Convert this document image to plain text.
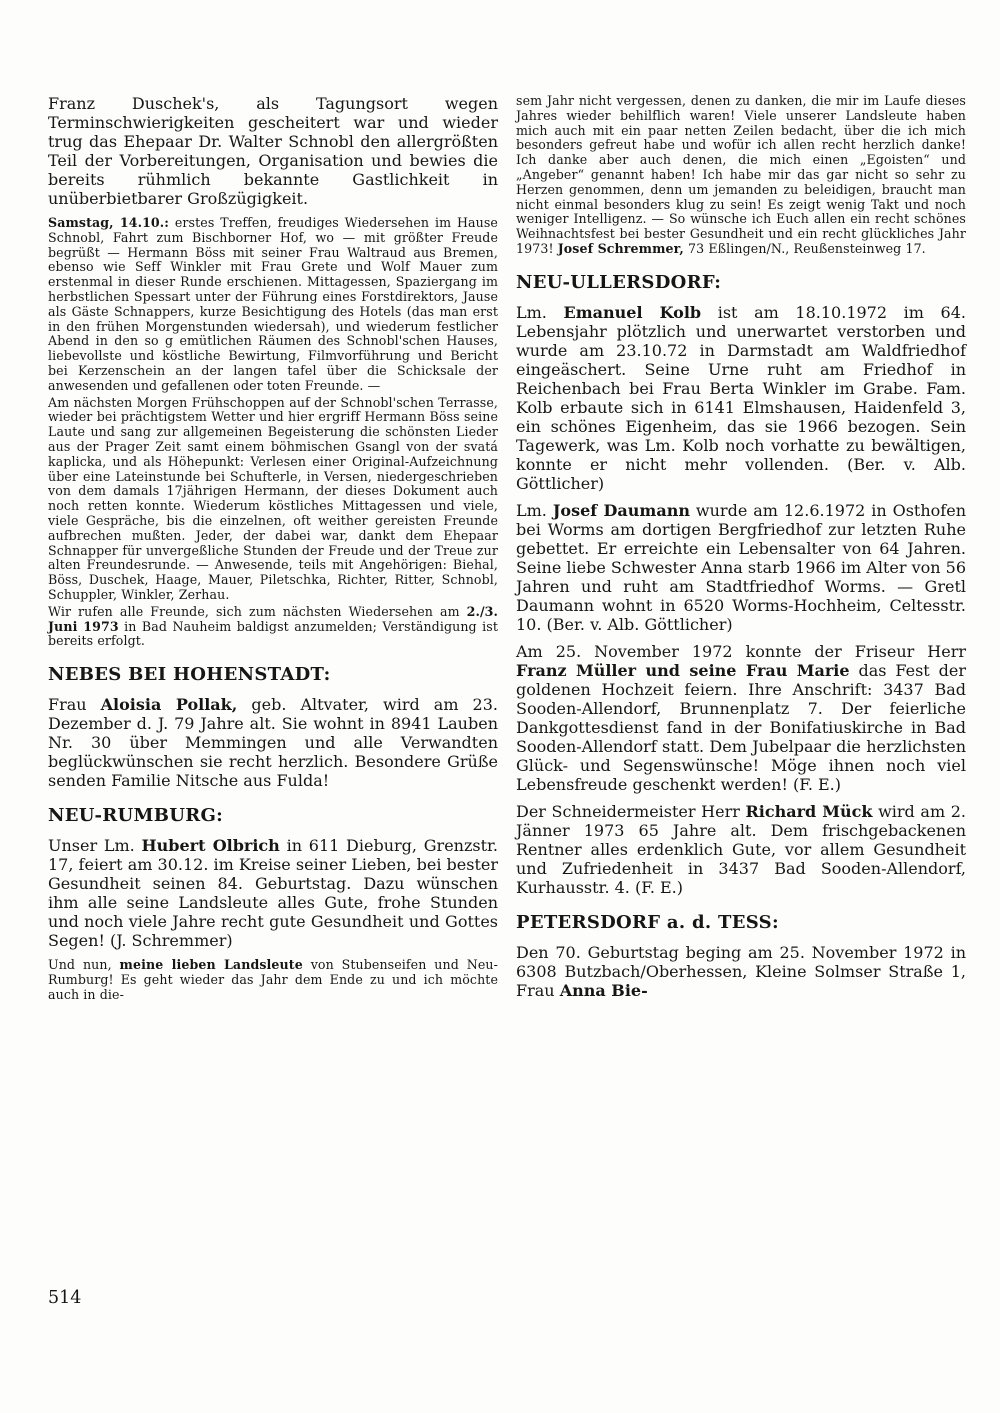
Franz Duschek's, als Tagungsort wegen Terminschwierigkeiten gescheitert war und wieder trug das Ehepaar Dr. Walter Schnobl den allergrößten Teil der Vorbereitungen, Organisation und bewies die bereits rühmlich bekannte Gastlichkeit in unüberbietbarer Großzügigkeit.

Samstag, 14.10.: erstes Treffen, freudiges Wiedersehen im Hause Schnobl, Fahrt zum Bischborner Hof, wo — mit größter Freude begrüßt — Hermann Böss mit seiner Frau Waltraud aus Bremen, ebenso wie Seff Winkler mit Frau Grete und Wolf Mauer zum erstenmal in dieser Runde erschienen. Mittagessen, Spaziergang im herbstlichen Spessart unter der Führung eines Forstdirektors, Jause als Gäste Schnappers, kurze Besichtigung des Hotels (das man erst in den frühen Morgenstunden wiedersah), und wiederum festlicher Abend in den so g emütlichen Räumen des Schnobl'schen Hauses, liebevollste und köstliche Bewirtung, Filmvorführung und Bericht bei Kerzenschein an der langen tafel über die Schicksale der anwesenden und gefallenen oder toten Freunde. —

Am nächsten Morgen Frühschoppen auf der Schnobl'schen Terrasse, wieder bei prächtigstem Wetter und hier ergriff Hermann Böss seine Laute und sang zur allgemeinen Begeisterung die schönsten Lieder aus der Prager Zeit samt einem böhmischen Gsangl von der svatá kaplicka, und als Höhepunkt: Verlesen einer Original-Aufzeichnung über eine Lateinstunde bei Schufterle, in Versen, niedergeschrieben von dem damals 17jährigen Hermann, der dieses Dokument auch noch retten konnte. Wiederum köstliches Mittagessen und viele, viele Gespräche, bis die einzelnen, oft weither gereisten Freunde aufbrechen mußten. Jeder, der dabei war, dankt dem Ehepaar Schnapper für unvergeßliche Stunden der Freude und der Treue zur alten Freundesrunde. — Anwesende, teils mit Angehörigen: Biehal, Böss, Duschek, Haage, Mauer, Piletschka, Richter, Ritter, Schnobl, Schuppler, Winkler, Zerhau.

Wir rufen alle Freunde, sich zum nächsten Wiedersehen am 2./3. Juni 1973 in Bad Nauheim baldigst anzumelden; Verständigung ist bereits erfolgt.

NEBES BEI HOHENSTADT:

Frau Aloisia Pollak, geb. Altvater, wird am 23. Dezember d. J. 79 Jahre alt. Sie wohnt in 8941 Lauben Nr. 30 über Memmingen und alle Verwandten beglückwünschen sie recht herzlich. Besondere Grüße senden Familie Nitsche aus Fulda!

NEU-RUMBURG:

Unser Lm. Hubert Olbrich in 611 Dieburg, Grenzstr. 17, feiert am 30.12. im Kreise seiner Lieben, bei bester Gesundheit seinen 84. Geburtstag. Dazu wünschen ihm alle seine Landsleute alles Gute, frohe Stunden und noch viele Jahre recht gute Gesundheit und Gottes Segen! (J. Schremmer)

Und nun, meine lieben Landsleute von Stubenseifen und Neu-Rumburg! Es geht wieder das Jahr dem Ende zu und ich möchte auch in die-

sem Jahr nicht vergessen, denen zu danken, die mir im Laufe dieses Jahres wieder behilflich waren! Viele unserer Landsleute haben mich auch mit ein paar netten Zeilen bedacht, über die ich mich besonders gefreut habe und wofür ich allen recht herzlich danke! Ich danke aber auch denen, die mich einen „Egoisten“ und „Angeber“ genannt haben! Ich habe mir das gar nicht so sehr zu Herzen genommen, denn um jemanden zu beleidigen, braucht man nicht einmal besonders klug zu sein! Es zeigt wenig Takt und noch weniger Intelligenz. — So wünsche ich Euch allen ein recht schönes Weihnachtsfest bei bester Gesundheit und ein recht glückliches Jahr 1973! Josef Schremmer, 73 Eßlingen/N., Reußensteinweg 17.

NEU-ULLERSDORF:

Lm. Emanuel Kolb ist am 18.10.1972 im 64. Lebensjahr plötzlich und unerwartet verstorben und wurde am 23.10.72 in Darmstadt am Waldfriedhof eingeäschert. Seine Urne ruht am Friedhof in Reichenbach bei Frau Berta Winkler im Grabe. Fam. Kolb erbaute sich in 6141 Elmshausen, Haidenfeld 3, ein schönes Eigenheim, das sie 1966 bezogen. Sein Tagewerk, was Lm. Kolb noch vorhatte zu bewältigen, konnte er nicht mehr vollenden. (Ber. v. Alb. Göttlicher)

Lm. Josef Daumann wurde am 12.6.1972 in Osthofen bei Worms am dortigen Bergfriedhof zur letzten Ruhe gebettet. Er erreichte ein Lebensalter von 64 Jahren. Seine liebe Schwester Anna starb 1966 im Alter von 56 Jahren und ruht am Stadtfriedhof Worms. — Gretl Daumann wohnt in 6520 Worms-Hochheim, Celtesstr. 10. (Ber. v. Alb. Göttlicher)

Am 25. November 1972 konnte der Friseur Herr Franz Müller und seine Frau Marie das Fest der goldenen Hochzeit feiern. Ihre Anschrift: 3437 Bad Sooden-Allendorf, Brunnenplatz 7. Der feierliche Dankgottesdienst fand in der Bonifatiuskirche in Bad Sooden-Allendorf statt. Dem Jubelpaar die herzlichsten Glück- und Segenswünsche! Möge ihnen noch viel Lebensfreude geschenkt werden! (F. E.)

Der Schneidermeister Herr Richard Mück wird am 2. Jänner 1973 65 Jahre alt. Dem frischgebackenen Rentner alles erdenklich Gute, vor allem Gesundheit und Zufriedenheit in 3437 Bad Sooden-Allendorf, Kurhausstr. 4. (F. E.)

PETERSDORF a. d. TESS:

Den 70. Geburtstag beging am 25. November 1972 in 6308 Butzbach/Oberhessen, Kleine Solmser Straße 1, Frau Anna Bie-

514
